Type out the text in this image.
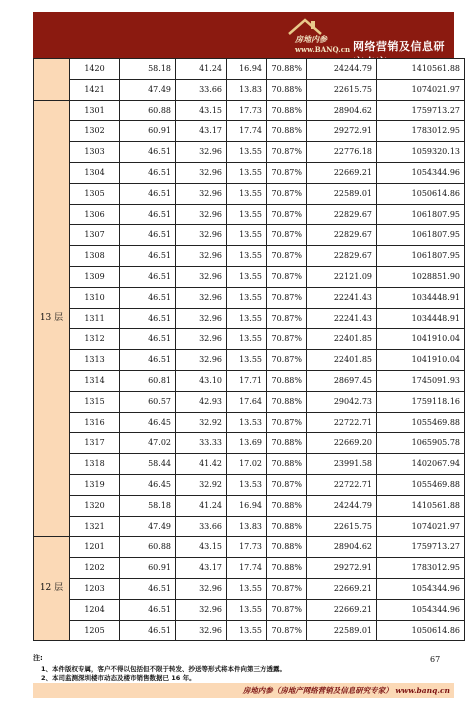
房地内参
www.BANQ.cn 网络营销及信息研究专家
	1420	58.18	41.24	16.94	70.88%	24244.79	1410561.88
	1421	47.49	33.66	13.83	70.88%	22615.75	1074021.97
13 层	1301	60.88	43.15	17.73	70.88%	28904.62	1759713.27
	1302	60.91	43.17	17.74	70.88%	29272.91	1783012.95
	1303	46.51	32.96	13.55	70.87%	22776.18	1059320.13
	1304	46.51	32.96	13.55	70.87%	22669.21	1054344.96
	1305	46.51	32.96	13.55	70.87%	22589.01	1050614.86
	1306	46.51	32.96	13.55	70.87%	22829.67	1061807.95
	1307	46.51	32.96	13.55	70.87%	22829.67	1061807.95
	1308	46.51	32.96	13.55	70.87%	22829.67	1061807.95
	1309	46.51	32.96	13.55	70.87%	22121.09	1028851.90
	1310	46.51	32.96	13.55	70.87%	22241.43	1034448.91
	1311	46.51	32.96	13.55	70.87%	22241.43	1034448.91
	1312	46.51	32.96	13.55	70.87%	22401.85	1041910.04
	1313	46.51	32.96	13.55	70.87%	22401.85	1041910.04
	1314	60.81	43.10	17.71	70.88%	28697.45	1745091.93
	1315	60.57	42.93	17.64	70.88%	29042.73	1759118.16
	1316	46.45	32.92	13.53	70.87%	22722.71	1055469.88
	1317	47.02	33.33	13.69	70.88%	22669.20	1065905.78
	1318	58.44	41.42	17.02	70.88%	23991.58	1402067.94
	1319	46.45	32.92	13.53	70.87%	22722.71	1055469.88
	1320	58.18	41.24	16.94	70.88%	24244.79	1410561.88
	1321	47.49	33.66	13.83	70.88%	22615.75	1074021.97
12 层	1201	60.88	43.15	17.73	70.88%	28904.62	1759713.27
	1202	60.91	43.17	17.74	70.88%	29272.91	1783012.95
	1203	46.51	32.96	13.55	70.87%	22669.21	1054344.96
	1204	46.51	32.96	13.55	70.87%	22669.21	1054344.96
	1205	46.51	32.96	13.55	70.87%	22589.01	1050614.86
注:
1、本件版权专属，客户不得以包括但不限于转发、抄送等形式将本件向第三方透露。
2、本司监测深圳楼市动态及楼市销售数据已 16 年。
67
房地内参（房地产网络营销及信息研究专家） www.banq.cn
